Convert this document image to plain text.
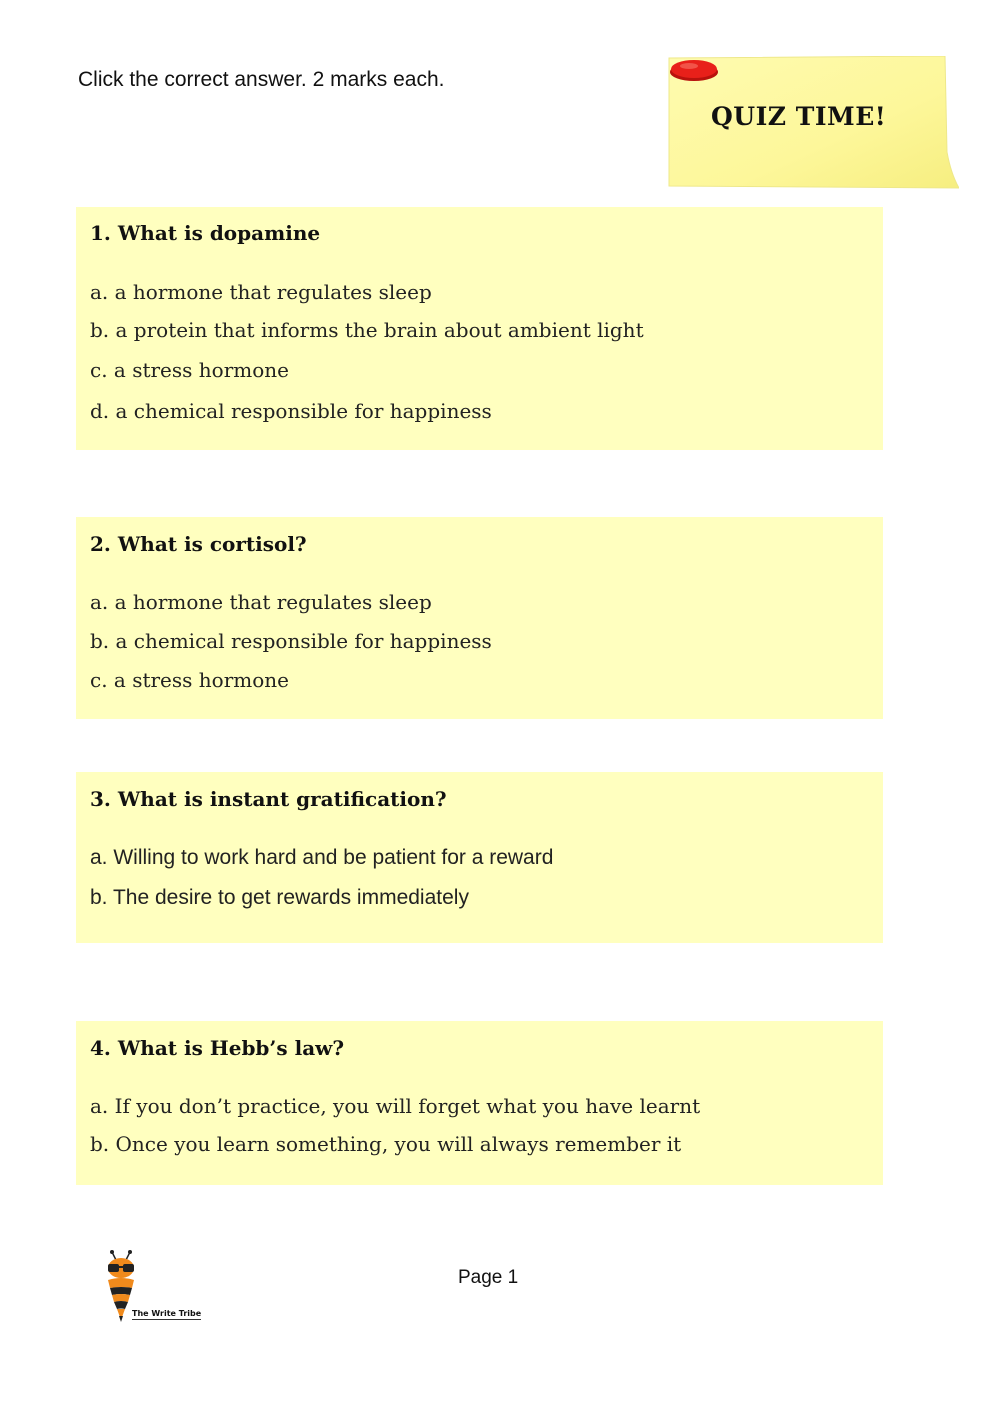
Click the correct answer. 2 marks each.
QUIZ TIME!
1. What is dopamine
a. a hormone that regulates sleep
b. a protein that informs the brain about ambient light
c. a stress hormone
d. a chemical responsible for happiness
2. What is cortisol?
a. a hormone that regulates sleep
b. a chemical responsible for happiness
c. a stress hormone
3. What is instant gratification?
a. Willing to work hard and be patient for a reward
b. The desire to get rewards immediately
4. What is Hebb’s law?
a. If you don’t practice, you will forget what you have learnt
b. Once you learn something, you will always remember it
The Write Tribe
Page 1
